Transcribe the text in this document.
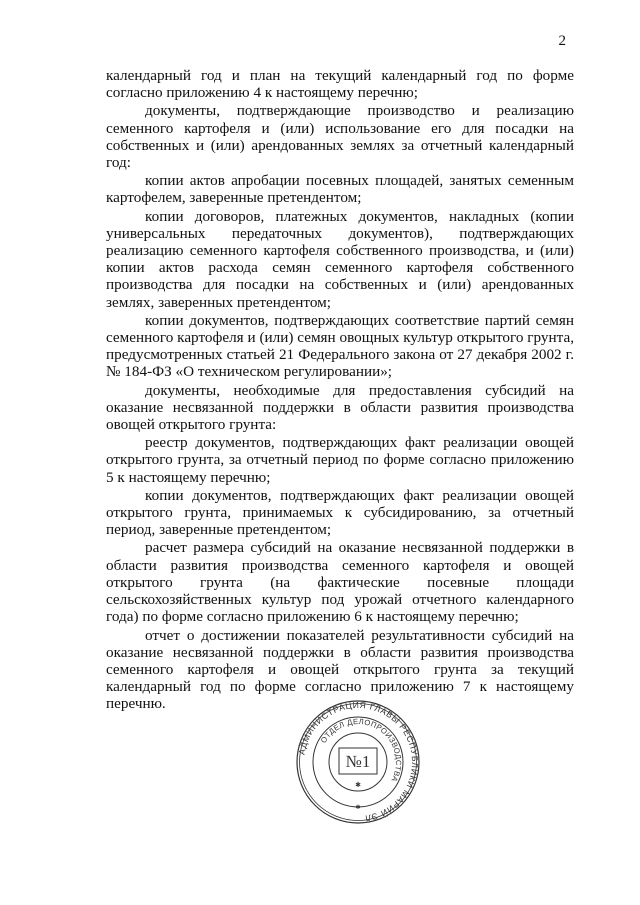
2

календарный год и план на текущий календарный год по форме согласно приложению 4 к настоящему перечню;

документы, подтверждающие производство и реализацию семенного картофеля и (или) использование его для посадки на собственных и (или) арендованных землях за отчетный календарный год:

копии актов апробации посевных площадей, занятых семенным картофелем, заверенные претендентом;

копии договоров, платежных документов, накладных (копии универсальных передаточных документов), подтверждающих реализацию семенного картофеля собственного производства, и (или) копии актов расхода семян семенного картофеля собственного производства для посадки на собственных и (или) арендованных землях, заверенных претендентом;

копии документов, подтверждающих соответствие партий семян семенного картофеля и (или) семян овощных культур открытого грунта, предусмотренных статьей 21 Федерального закона от 27 декабря 2002 г. № 184-ФЗ «О техническом регулировании»;

документы, необходимые для предоставления субсидий на оказание несвязанной поддержки в области развития производства овощей открытого грунта:

реестр документов, подтверждающих факт реализации овощей открытого грунта, за отчетный период по форме согласно приложению 5 к настоящему перечню;

копии документов, подтверждающих факт реализации овощей открытого грунта, принимаемых к субсидированию, за отчетный период, заверенные претендентом;

расчет размера субсидий на оказание несвязанной поддержки в области развития производства семенного картофеля и овощей открытого грунта (на фактические посевные площади сельскохозяйственных культур под урожай отчетного календарного года) по форме согласно приложению 6 к настоящему перечню;

отчет о достижении показателей результативности субсидий на оказание несвязанной поддержки в области развития производства семенного картофеля и овощей открытого грунта за текущий календарный год по форме согласно приложению 7 к настоящему перечню.

АДМИНИСТРАЦИЯ ГЛАВЫ РЕСПУБЛИКИ МАРИЙ ЭЛ
ОТДЕЛ ДЕЛОПРОИЗВОДСТВА
№1
✱
✱
